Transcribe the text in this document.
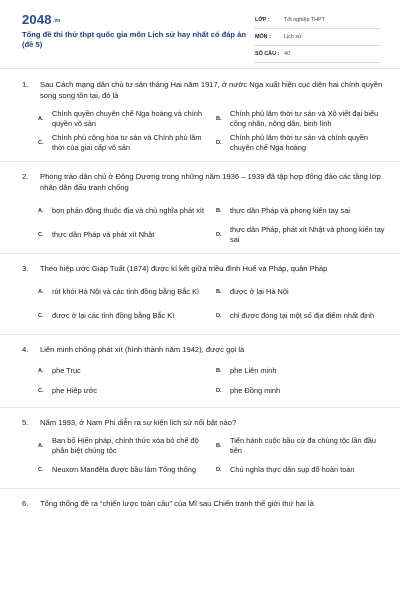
2048.vn
Tổng đề thi thử thpt quốc gia môn Lịch sử hay nhất có đáp án (đề 5)
LỚP :	Tốt nghiệp THPT
MÔN : Lịch sử
SỐ CÂU : 40
1. Sau Cách mạng dân chủ tư sản tháng Hai năm 1917, ở nước Nga xuất hiện cục diện hai chính quyền song song tồn tại, đó là
A.
Chính quyền chuyên chế Nga hoàng và chính quyền vô sản	B.
Chính phủ lâm thời tư sản và Xô viết đại biểu công nhân, nông dân, binh lính
C.
Chính phủ cộng hòa tư sản và Chính phủ lâm thời của giai cấp vô sản	D.
Chính phủ lâm thời tư sản và chính quyền chuyên chế Nga hoàng
2. Phong trào dân chủ ở Đông Dương trong những năm 1936 – 1939 đã tập hợp đông đảo các tầng lớp nhân dân đấu tranh chống
A. bọn phản động thuộc địa và chủ nghĩa phát xít B. thực dân Pháp và phong kiến tay sai
C. thực dân Pháp và phát xít Nhật	D.
thực dân Pháp, phát xít Nhật và phong kiến tay sai
3. Theo hiệp ước Giáp Tuất (1874) được kí kết giữa triều đình Huế và Pháp, quân Pháp
A. rút khỏi Hà Nội và các tỉnh đồng bằng Bắc Kì	B. được ở lại Hà Nội
C. được ở lại các tỉnh đồng bằng Bắc Kì	D. chỉ được đóng tại một số địa điểm nhất định
4. Liên minh chống phát xít (hình thành năm 1942), được gọi là
A. phe Trục	B. phe Liên minh
C. phe Hiệp ước	D. phe Đồng minh
5. Năm 1993, ở Nam Phi diễn ra sự kiện lịch sử nổi bật nào?
A.
Ban bố Hiến pháp, chính thức xóa bỏ chế độ phân biệt chủng tộc	B.
Tiến hành cuộc bầu cử đa chủng tộc lần đầu tiên
C. Neuxơn Manđêla được bầu làm Tổng thống	D. Chủ nghĩa thực dân sụp đổ hoàn toàn
6. Tổng thống đề ra “chiến lược toàn cầu” của Mĩ sau Chiến tranh thế giới thứ hai là
